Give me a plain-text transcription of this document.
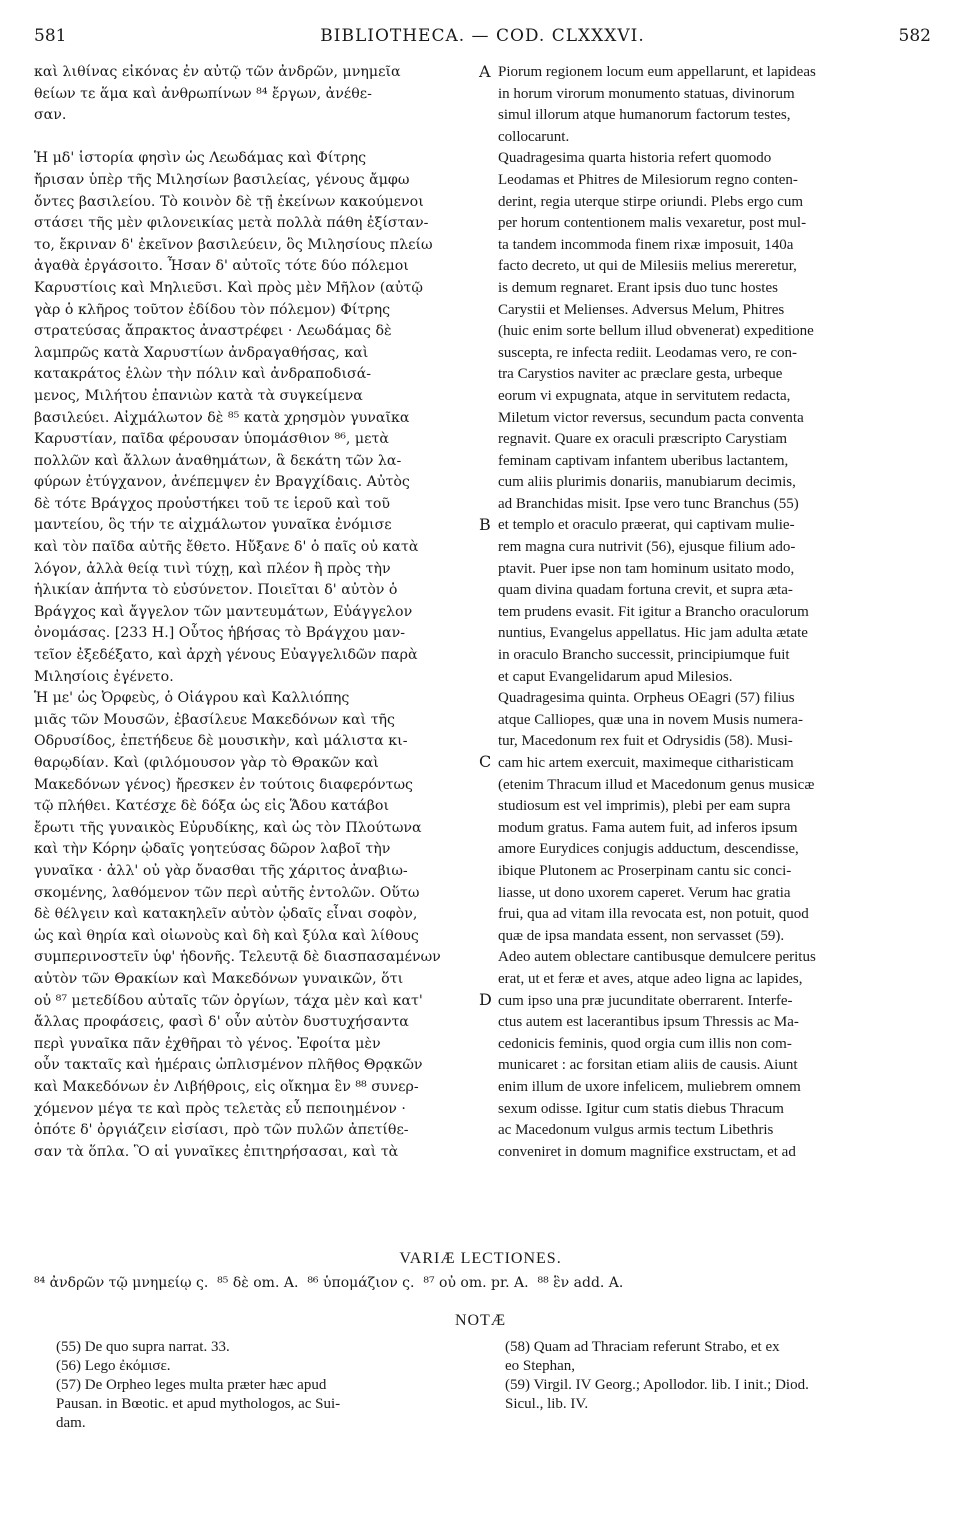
581	BIBLIOTHECA. — COD. CLXXXVI.	582

καὶ λιθίνας εἰκόνας ἐν αὐτῷ τῶν ἀνδρῶν, μνημεῖα

θείων τε ἅμα καὶ ἀνθρωπίνων ⁸⁴ ἔργων, ἀνέθε-

σαν.

Ἡ μδ' ἱστορία φησὶν ὡς Λεωδάμας καὶ Φίτρης

ἤρισαν ὑπὲρ τῆς Μιλησίων βασιλείας, γένους ἄμφω

ὄντες βασιλείου. Τὸ κοινὸν δὲ τῇ ἐκείνων κακούμενοι

στάσει τῆς μὲν φιλονεικίας μετὰ πολλὰ πάθη ἐξίσταν-

το, ἔκριναν δ' ἐκεῖνον βασιλεύειν, ὃς Μιλησίους πλείω

ἀγαθὰ ἐργάσοιτο. Ἦσαν δ' αὐτοῖς τότε δύο πόλεμοι

Καρυστίοις καὶ Μηλιεῦσι. Καὶ πρὸς μὲν Μῆλον (αὐτῷ

γὰρ ὁ κλῆρος τοῦτον ἐδίδου τὸν πόλεμον) Φίτρης

στρατεύσας ἄπρακτος ἀναστρέφει · Λεωδάμας δὲ

λαμπρῶς κατὰ Χαρυστίων ἀνδραγαθήσας, καὶ

κατακράτος ἑλὼν τὴν πόλιν καὶ ἀνδραποδισά-

μενος, Μιλήτου ἐπανιὼν κατὰ τὰ συγκείμενα

βασιλεύει. Αἰχμάλωτον δὲ ⁸⁵ κατὰ χρησμὸν γυναῖκα

Καρυστίαν, παῖδα φέρουσαν ὑπομάσθιον ⁸⁶, μετὰ

πολλῶν καὶ ἄλλων ἀναθημάτων, ἃ δεκάτη τῶν λα-

φύρων ἐτύγχανον, ἀνέπεμψεν ἐν Βραγχίδαις. Αὐτὸς

δὲ τότε Βράγχος προὐστήκει τοῦ τε ἱεροῦ καὶ τοῦ

μαντείου, ὃς τήν τε αἰχμάλωτον γυναῖκα ἐνόμισε

καὶ τὸν παῖδα αὐτῆς ἔθετο. Ηὔξανε δ' ὁ παῖς οὐ κατὰ

λόγον, ἀλλὰ θείᾳ τινὶ τύχῃ, καὶ πλέον ἢ πρὸς τὴν

ἡλικίαν ἀπήντα τὸ εὐσύνετον. Ποιεῖται δ' αὐτὸν ὁ

Βράγχος καὶ ἄγγελον τῶν μαντευμάτων, Εὐάγγελον

ὀνομάσας. [233 Η.] Οὗτος ἡβήσας τὸ Βράγχου μαν-

τεῖον ἐξεδέξατο, καὶ ἀρχὴ γένους Εὐαγγελιδῶν παρὰ

Μιλησίοις ἐγένετο.

Ἡ με' ὡς Ὀρφεὺς, ὁ Οἰάγρου καὶ Καλλιόπης

μιᾶς τῶν Μουσῶν, ἐβασίλευε Μακεδόνων καὶ τῆς

Οδρυσίδος, ἐπετήδευε δὲ μουσικὴν, καὶ μάλιστα κι-

θαρῳδίαν. Καὶ (φιλόμουσον γὰρ τὸ Θρακῶν καὶ

Μακεδόνων γένος) ἤρεσκεν ἐν τούτοις διαφερόντως

τῷ πλήθει. Κατέσχε δὲ δόξα ὡς εἰς Ἅδου κατάβοι

ἔρωτι τῆς γυναικὸς Εὐρυδίκης, καὶ ὡς τὸν Πλούτωνα

καὶ τὴν Κόρην ᾠδαῖς γοητεύσας δῶρον λαβοῖ τὴν

γυναῖκα · ἀλλ' οὐ γὰρ ὄνασθαι τῆς χάριτος ἀναβιω-

σκομένης, λαθόμενον τῶν περὶ αὐτῆς ἐντολῶν. Οὕτω

δὲ θέλγειν καὶ κατακηλεῖν αὐτὸν ᾠδαῖς εἶναι σοφὸν,

ὡς καὶ θηρία καὶ οἰωνοὺς καὶ δὴ καὶ ξύλα καὶ λίθους

συμπερινοστεῖν ὑφ' ἡδονῆς. Τελευτᾷ δὲ διασπασαμένων

αὐτὸν τῶν Θρακίων καὶ Μακεδόνων γυναικῶν, ὅτι

οὐ ⁸⁷ μετεδίδου αὐταῖς τῶν ὀργίων, τάχα μὲν καὶ κατ'

ἄλλας προφάσεις, φασὶ δ' οὖν αὐτὸν δυστυχήσαντα

περὶ γυναῖκα πᾶν ἐχθῆραι τὸ γένος. Ἐφοίτα μὲν

οὖν τακταῖς καὶ ἡμέραις ὡπλισμένον πλῆθος Θρᾳκῶν

καὶ Μακεδόνων ἐν Λιβήθροις, εἰς οἴκημα ἓν ⁸⁸ συνερ-

χόμενον μέγα τε καὶ πρὸς τελετὰς εὖ πεποιημένον ·

ὁπότε δ' ὀργιάζειν εἰσίασι, πρὸ τῶν πυλῶν ἀπετίθε-

σαν τὰ ὅπλα. Ὃ αἱ γυναῖκες ἐπιτηρήσασαι, καὶ τὰ

A
B
C
D

Piorum regionem locum eum appellarunt, et lapideas

in horum virorum monumento statuas, divinorum

simul illorum atque humanorum factorum testes,

collocarunt.

Quadragesima quarta historia refert quomodo

Leodamas et Phitres de Milesiorum regno conten-

derint, regia uterque stirpe oriundi. Plebs ergo cum

per horum contentionem malis vexaretur, post mul-

ta tandem incommoda finem rixæ imposuit, 140a

facto decreto, ut qui de Milesiis melius mereretur,

is demum regnaret. Erant ipsis duo tunc hostes

Carystii et Melienses. Adversus Melum, Phitres

(huic enim sorte bellum illud obvenerat) expeditione

suscepta, re infecta rediit. Leodamas vero, re con-

tra Carystios naviter ac præclare gesta, urbeque

eorum vi expugnata, atque in servitutem redacta,

Miletum victor reversus, secundum pacta conventa

regnavit. Quare ex oraculi præscripto Carystiam

feminam captivam infantem uberibus lactantem,

cum aliis plurimis donariis, manubiarum decimis,

ad Branchidas misit. Ipse vero tunc Branchus (55)

et templo et oraculo præerat, qui captivam mulie-

rem magna cura nutrivit (56), ejusque filium ado-

ptavit. Puer ipse non tam hominum usitato modo,

quam divina quadam fortuna crevit, et supra æta-

tem prudens evasit. Fit igitur a Brancho oraculorum

nuntius, Evangelus appellatus. Hic jam adulta ætate

in oraculo Brancho successit, principiumque fuit

et caput Evangelidarum apud Milesios.

Quadragesima quinta. Orpheus OEagri (57) filius

atque Calliopes, quæ una in novem Musis numera-

tur, Macedonum rex fuit et Odrysidis (58). Musi-

cam hic artem exercuit, maximeque citharisticam

(etenim Thracum illud et Macedonum genus musicæ

studiosum est vel imprimis), plebi per eam supra

modum gratus. Fama autem fuit, ad inferos ipsum

amore Eurydices conjugis adductum, descendisse,

ibique Plutonem ac Proserpinam cantu sic conci-

liasse, ut dono uxorem caperet. Verum hac gratia

frui, qua ad vitam illa revocata est, non potuit, quod

quæ de ipsa mandata essent, non servasset (59).

Adeo autem oblectare cantibusque demulcere peritus

erat, ut et feræ et aves, atque adeo ligna ac lapides,

cum ipso una præ jucunditate oberrarent. Interfe-

ctus autem est lacerantibus ipsum Thressis ac Ma-

cedonicis feminis, quod orgia cum illis non com-

municaret : ac forsitan etiam aliis de causis. Aiunt

enim illum de uxore infelicem, muliebrem omnem

sexum odisse. Igitur cum statis diebus Thracum

ac Macedonum vulgus armis tectum Libethris

conveniret in domum magnifice exstructam, et ad

VARIÆ LECTIONES.
⁸⁴ ἀνδρῶν τῷ μνημείῳ ς.  ⁸⁵ δὲ om. A.  ⁸⁶ ὑπομάζιον ς.  ⁸⁷ οὐ om. pr. A.  ⁸⁸ ἓν add. A.
NOTÆ

(55) De quo supra narrat. 33.

(56) Lego ἐκόμισε.

(57) De Orpheo leges multa præter hæc apud

Pausan. in Bœotic. et apud mythologos, ac Sui-

dam.

(58) Quam ad Thraciam referunt Strabo, et ex

eo Stephan,

(59) Virgil. IV Georg.; Apollodor. lib. I init.; Diod.

Sicul., lib. IV.
